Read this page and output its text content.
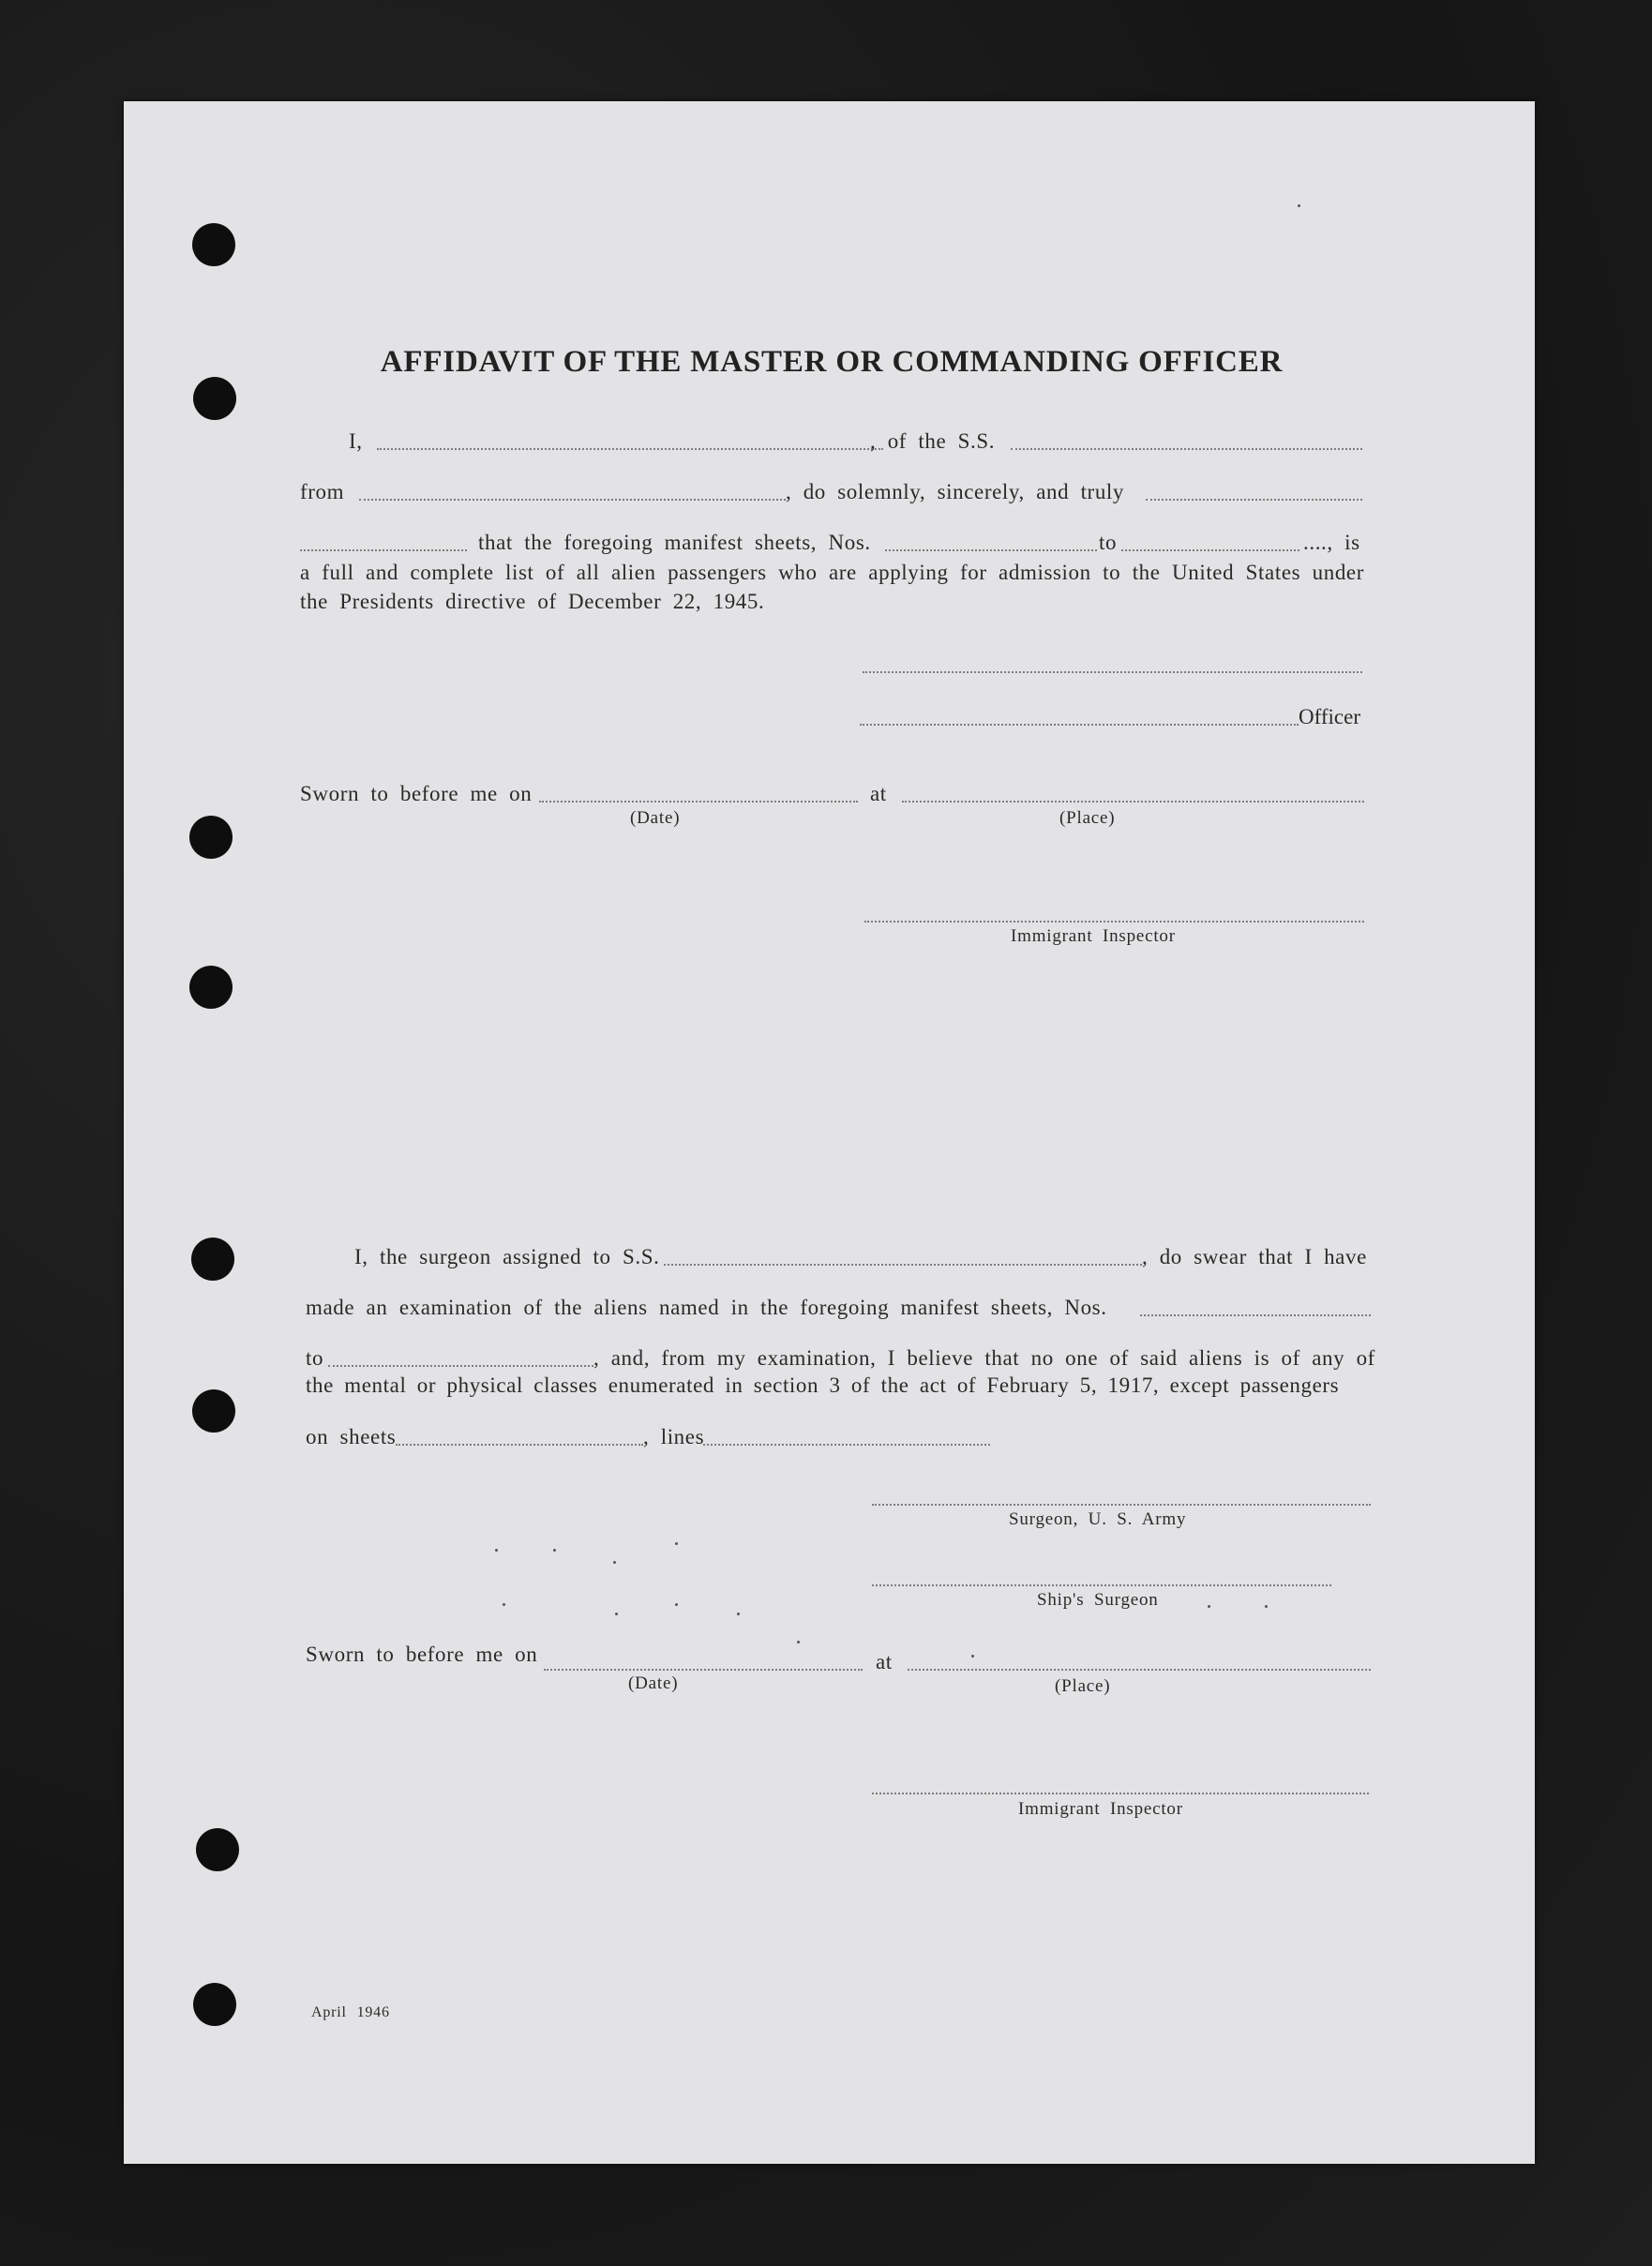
AFFIDAVIT OF THE MASTER OR COMMANDING OFFICER
I,	, of the S.S.
from	, do solemnly, sincerely, and truly
that the foregoing manifest sheets, Nos.	to	...., is
a full and complete list of all alien passengers who are applying for admission to the United States under the Presidents directive of December 22, 1945.
Officer
Sworn to before me on	at
(Date)	(Place)
Immigrant Inspector
I, the surgeon assigned to S.S.	, do swear that I have
made an examination of the aliens named in the foregoing manifest sheets, Nos.
to	, and, from my examination, I believe that no one of said aliens is of any of
the mental or physical classes enumerated in section 3 of the act of February 5, 1917, except passengers
on sheets	, lines
Surgeon, U. S. Army
Ship's Surgeon
Sworn to before me on	at
(Date)	(Place)
Immigrant Inspector
April 1946
